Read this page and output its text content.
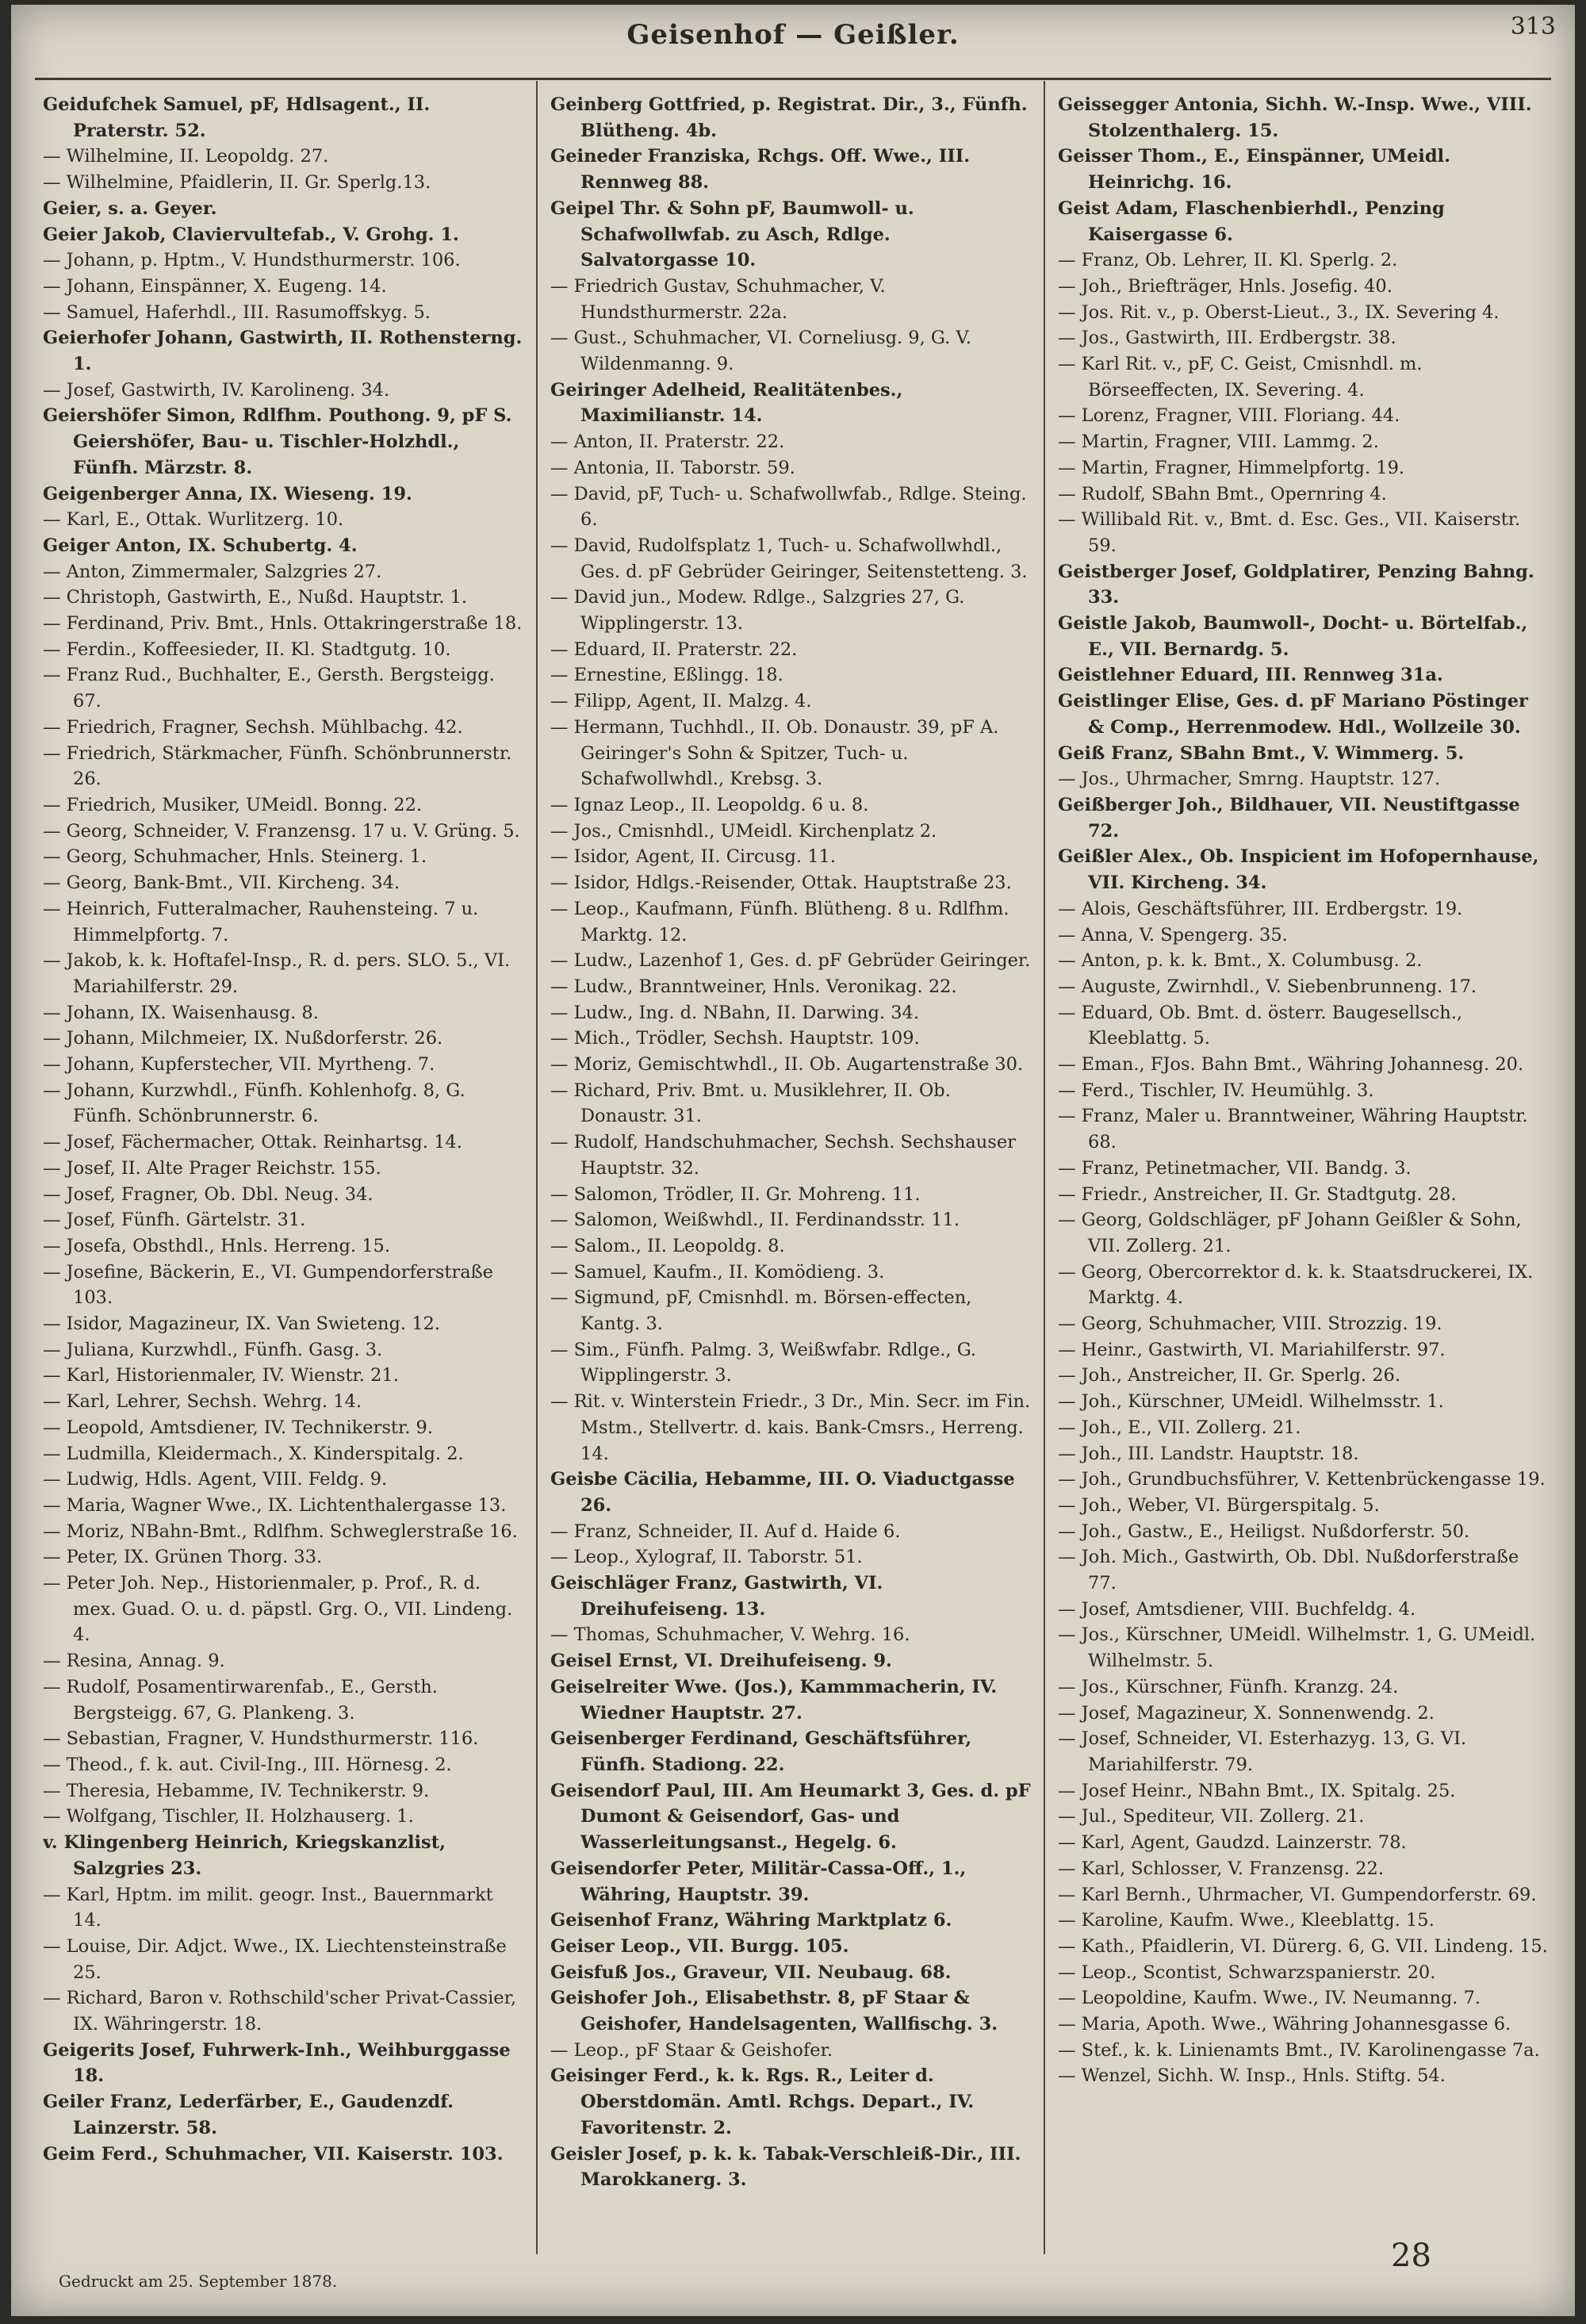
Geisenhof — Geißler.	313

Geidufchek Samuel, pF, Hdlsagent., II. Praterstr. 52.

— Wilhelmine, II. Leopoldg. 27.

— Wilhelmine, Pfaidlerin, II. Gr. Sperlg.13.

Geier, s. a. Geyer.

Geier Jakob, Claviervultefab., V. Grohg. 1.

— Johann, p. Hptm., V. Hundsthurmerstr. 106.

— Johann, Einspänner, X. Eugeng. 14.

— Samuel, Haferhdl., III. Rasumoffskyg. 5.

Geierhofer Johann, Gastwirth, II. Rothensterng. 1.

— Josef, Gastwirth, IV. Karolineng. 34.

Geiershöfer Simon, Rdlfhm. Pouthong. 9, pF S. Geiershöfer, Bau- u. Tischler-Holzhdl., Fünfh. Märzstr. 8.

Geigenberger Anna, IX. Wieseng. 19.

— Karl, E., Ottak. Wurlitzerg. 10.

Geiger Anton, IX. Schubertg. 4.

— Anton, Zimmermaler, Salzgries 27.

— Christoph, Gastwirth, E., Nußd. Hauptstr. 1.

— Ferdinand, Priv. Bmt., Hnls. Ottakringerstraße 18.

— Ferdin., Koffeesieder, II. Kl. Stadtgutg. 10.

— Franz Rud., Buchhalter, E., Gersth. Bergsteigg. 67.

— Friedrich, Fragner, Sechsh. Mühlbachg. 42.

— Friedrich, Stärkmacher, Fünfh. Schönbrunnerstr. 26.

— Friedrich, Musiker, UMeidl. Bonng. 22.

— Georg, Schneider, V. Franzensg. 17 u. V. Grüng. 5.

— Georg, Schuhmacher, Hnls. Steinerg. 1.

— Georg, Bank-Bmt., VII. Kircheng. 34.

— Heinrich, Futteralmacher, Rauhensteing. 7 u. Himmelpfortg. 7.

— Jakob, k. k. Hoftafel-Insp., R. d. pers. SLO. 5., VI. Mariahilferstr. 29.

— Johann, IX. Waisenhausg. 8.

— Johann, Milchmeier, IX. Nußdorferstr. 26.

— Johann, Kupferstecher, VII. Myrtheng. 7.

— Johann, Kurzwhdl., Fünfh. Kohlenhofg. 8, G. Fünfh. Schönbrunnerstr. 6.

— Josef, Fächermacher, Ottak. Reinhartsg. 14.

— Josef, II. Alte Prager Reichstr. 155.

— Josef, Fragner, Ob. Dbl. Neug. 34.

— Josef, Fünfh. Gärtelstr. 31.

— Josefa, Obsthdl., Hnls. Herreng. 15.

— Josefine, Bäckerin, E., VI. Gumpendorferstraße 103.

— Isidor, Magazineur, IX. Van Swieteng. 12.

— Juliana, Kurzwhdl., Fünfh. Gasg. 3.

— Karl, Historienmaler, IV. Wienstr. 21.

— Karl, Lehrer, Sechsh. Wehrg. 14.

— Leopold, Amtsdiener, IV. Technikerstr. 9.

— Ludmilla, Kleidermach., X. Kinderspitalg. 2.

— Ludwig, Hdls. Agent, VIII. Feldg. 9.

— Maria, Wagner Wwe., IX. Lichtenthalergasse 13.

— Moriz, NBahn-Bmt., Rdlfhm. Schweglerstraße 16.

— Peter, IX. Grünen Thorg. 33.

— Peter Joh. Nep., Historienmaler, p. Prof., R. d. mex. Guad. O. u. d. päpstl. Grg. O., VII. Lindeng. 4.

— Resina, Annag. 9.

— Rudolf, Posamentirwarenfab., E., Gersth. Bergsteigg. 67, G. Plankeng. 3.

— Sebastian, Fragner, V. Hundsthurmerstr. 116.

— Theod., f. k. aut. Civil-Ing., III. Hörnesg. 2.

— Theresia, Hebamme, IV. Technikerstr. 9.

— Wolfgang, Tischler, II. Holzhauserg. 1.

v. Klingenberg Heinrich, Kriegskanzlist, Salzgries 23.

— Karl, Hptm. im milit. geogr. Inst., Bauernmarkt 14.

— Louise, Dir. Adjct. Wwe., IX. Liechtensteinstraße 25.

— Richard, Baron v. Rothschild'scher Privat-Cassier, IX. Währingerstr. 18.

Geigerits Josef, Fuhrwerk-Inh., Weihburggasse 18.

Geiler Franz, Lederfärber, E., Gaudenzdf. Lainzerstr. 58.

Geim Ferd., Schuhmacher, VII. Kaiserstr. 103.

Geinberg Gottfried, p. Registrat. Dir., 3., Fünfh. Blütheng. 4b.

Geineder Franziska, Rchgs. Off. Wwe., III. Rennweg 88.

Geipel Thr. & Sohn pF, Baumwoll- u. Schafwollwfab. zu Asch, Rdlge. Salvatorgasse 10.

— Friedrich Gustav, Schuhmacher, V. Hundsthurmerstr. 22a.

— Gust., Schuhmacher, VI. Corneliusg. 9, G. V. Wildenmanng. 9.

Geiringer Adelheid, Realitätenbes., Maximilianstr. 14.

— Anton, II. Praterstr. 22.

— Antonia, II. Taborstr. 59.

— David, pF, Tuch- u. Schafwollwfab., Rdlge. Steing. 6.

— David, Rudolfsplatz 1, Tuch- u. Schafwollwhdl., Ges. d. pF Gebrüder Geiringer, Seitenstetteng. 3.

— David jun., Modew. Rdlge., Salzgries 27, G. Wipplingerstr. 13.

— Eduard, II. Praterstr. 22.

— Ernestine, Eßlingg. 18.

— Filipp, Agent, II. Malzg. 4.

— Hermann, Tuchhdl., II. Ob. Donaustr. 39, pF A. Geiringer's Sohn & Spitzer, Tuch- u. Schafwollwhdl., Krebsg. 3.

— Ignaz Leop., II. Leopoldg. 6 u. 8.

— Jos., Cmisnhdl., UMeidl. Kirchenplatz 2.

— Isidor, Agent, II. Circusg. 11.

— Isidor, Hdlgs.-Reisender, Ottak. Hauptstraße 23.

— Leop., Kaufmann, Fünfh. Blütheng. 8 u. Rdlfhm. Marktg. 12.

— Ludw., Lazenhof 1, Ges. d. pF Gebrüder Geiringer.

— Ludw., Branntweiner, Hnls. Veronikag. 22.

— Ludw., Ing. d. NBahn, II. Darwing. 34.

— Mich., Trödler, Sechsh. Hauptstr. 109.

— Moriz, Gemischtwhdl., II. Ob. Augartenstraße 30.

— Richard, Priv. Bmt. u. Musiklehrer, II. Ob. Donaustr. 31.

— Rudolf, Handschuhmacher, Sechsh. Sechshauser Hauptstr. 32.

— Salomon, Trödler, II. Gr. Mohreng. 11.

— Salomon, Weißwhdl., II. Ferdinandsstr. 11.

— Salom., II. Leopoldg. 8.

— Samuel, Kaufm., II. Komödieng. 3.

— Sigmund, pF, Cmisnhdl. m. Börsen-effecten, Kantg. 3.

— Sim., Fünfh. Palmg. 3, Weißwfabr. Rdlge., G. Wipplingerstr. 3.

— Rit. v. Winterstein Friedr., 3 Dr., Min. Secr. im Fin. Mstm., Stellvertr. d. kais. Bank-Cmsrs., Herreng. 14.

Geisbe Cäcilia, Hebamme, III. O. Viaductgasse 26.

— Franz, Schneider, II. Auf d. Haide 6.

— Leop., Xylograf, II. Taborstr. 51.

Geischläger Franz, Gastwirth, VI. Dreihufeiseng. 13.

— Thomas, Schuhmacher, V. Wehrg. 16.

Geisel Ernst, VI. Dreihufeiseng. 9.

Geiselreiter Wwe. (Jos.), Kammmacherin, IV. Wiedner Hauptstr. 27.

Geisenberger Ferdinand, Geschäftsführer, Fünfh. Stadiong. 22.

Geisendorf Paul, III. Am Heumarkt 3, Ges. d. pF Dumont & Geisendorf, Gas- und Wasserleitungsanst., Hegelg. 6.

Geisendorfer Peter, Militär-Cassa-Off., 1., Währing, Hauptstr. 39.

Geisenhof Franz, Währing Marktplatz 6.

Geiser Leop., VII. Burgg. 105.

Geisfuß Jos., Graveur, VII. Neubaug. 68.

Geishofer Joh., Elisabethstr. 8, pF Staar & Geishofer, Handelsagenten, Wallfischg. 3.

— Leop., pF Staar & Geishofer.

Geisinger Ferd., k. k. Rgs. R., Leiter d. Oberstdomän. Amtl. Rchgs. Depart., IV. Favoritenstr. 2.

Geisler Josef, p. k. k. Tabak-Verschleiß-Dir., III. Marokkanerg. 3.

Geissegger Antonia, Sichh. W.-Insp. Wwe., VIII. Stolzenthalerg. 15.

Geisser Thom., E., Einspänner, UMeidl. Heinrichg. 16.

Geist Adam, Flaschenbierhdl., Penzing Kaisergasse 6.

— Franz, Ob. Lehrer, II. Kl. Sperlg. 2.

— Joh., Briefträger, Hnls. Josefig. 40.

— Jos. Rit. v., p. Oberst-Lieut., 3., IX. Severing 4.

— Jos., Gastwirth, III. Erdbergstr. 38.

— Karl Rit. v., pF, C. Geist, Cmisnhdl. m. Börseeffecten, IX. Severing. 4.

— Lorenz, Fragner, VIII. Floriang. 44.

— Martin, Fragner, VIII. Lammg. 2.

— Martin, Fragner, Himmelpfortg. 19.

— Rudolf, SBahn Bmt., Opernring 4.

— Willibald Rit. v., Bmt. d. Esc. Ges., VII. Kaiserstr. 59.

Geistberger Josef, Goldplatirer, Penzing Bahng. 33.

Geistle Jakob, Baumwoll-, Docht- u. Börtelfab., E., VII. Bernardg. 5.

Geistlehner Eduard, III. Rennweg 31a.

Geistlinger Elise, Ges. d. pF Mariano Pöstinger & Comp., Herrenmodew. Hdl., Wollzeile 30.

Geiß Franz, SBahn Bmt., V. Wimmerg. 5.

— Jos., Uhrmacher, Smrng. Hauptstr. 127.

Geißberger Joh., Bildhauer, VII. Neustiftgasse 72.

Geißler Alex., Ob. Inspicient im Hofopernhause, VII. Kircheng. 34.

— Alois, Geschäftsführer, III. Erdbergstr. 19.

— Anna, V. Spengerg. 35.

— Anton, p. k. k. Bmt., X. Columbusg. 2.

— Auguste, Zwirnhdl., V. Siebenbrunneng. 17.

— Eduard, Ob. Bmt. d. österr. Baugesellsch., Kleeblattg. 5.

— Eman., FJos. Bahn Bmt., Währing Johannesg. 20.

— Ferd., Tischler, IV. Heumühlg. 3.

— Franz, Maler u. Branntweiner, Währing Hauptstr. 68.

— Franz, Petinetmacher, VII. Bandg. 3.

— Friedr., Anstreicher, II. Gr. Stadtgutg. 28.

— Georg, Goldschläger, pF Johann Geißler & Sohn, VII. Zollerg. 21.

— Georg, Obercorrektor d. k. k. Staatsdruckerei, IX. Marktg. 4.

— Georg, Schuhmacher, VIII. Strozzig. 19.

— Heinr., Gastwirth, VI. Mariahilferstr. 97.

— Joh., Anstreicher, II. Gr. Sperlg. 26.

— Joh., Kürschner, UMeidl. Wilhelmsstr. 1.

— Joh., E., VII. Zollerg. 21.

— Joh., III. Landstr. Hauptstr. 18.

— Joh., Grundbuchsführer, V. Kettenbrückengasse 19.

— Joh., Weber, VI. Bürgerspitalg. 5.

— Joh., Gastw., E., Heiligst. Nußdorferstr. 50.

— Joh. Mich., Gastwirth, Ob. Dbl. Nußdorferstraße 77.

— Josef, Amtsdiener, VIII. Buchfeldg. 4.

— Jos., Kürschner, UMeidl. Wilhelmstr. 1, G. UMeidl. Wilhelmstr. 5.

— Jos., Kürschner, Fünfh. Kranzg. 24.

— Josef, Magazineur, X. Sonnenwendg. 2.

— Josef, Schneider, VI. Esterhazyg. 13, G. VI. Mariahilferstr. 79.

— Josef Heinr., NBahn Bmt., IX. Spitalg. 25.

— Jul., Spediteur, VII. Zollerg. 21.

— Karl, Agent, Gaudzd. Lainzerstr. 78.

— Karl, Schlosser, V. Franzensg. 22.

— Karl Bernh., Uhrmacher, VI. Gumpendorferstr. 69.

— Karoline, Kaufm. Wwe., Kleeblattg. 15.

— Kath., Pfaidlerin, VI. Dürerg. 6, G. VII. Lindeng. 15.

— Leop., Scontist, Schwarzspanierstr. 20.

— Leopoldine, Kaufm. Wwe., IV. Neumanng. 7.

— Maria, Apoth. Wwe., Währing Johannesgasse 6.

— Stef., k. k. Linienamts Bmt., IV. Karolinengasse 7a.

— Wenzel, Sichh. W. Insp., Hnls. Stiftg. 54.

28
Gedruckt am 25. September 1878.
